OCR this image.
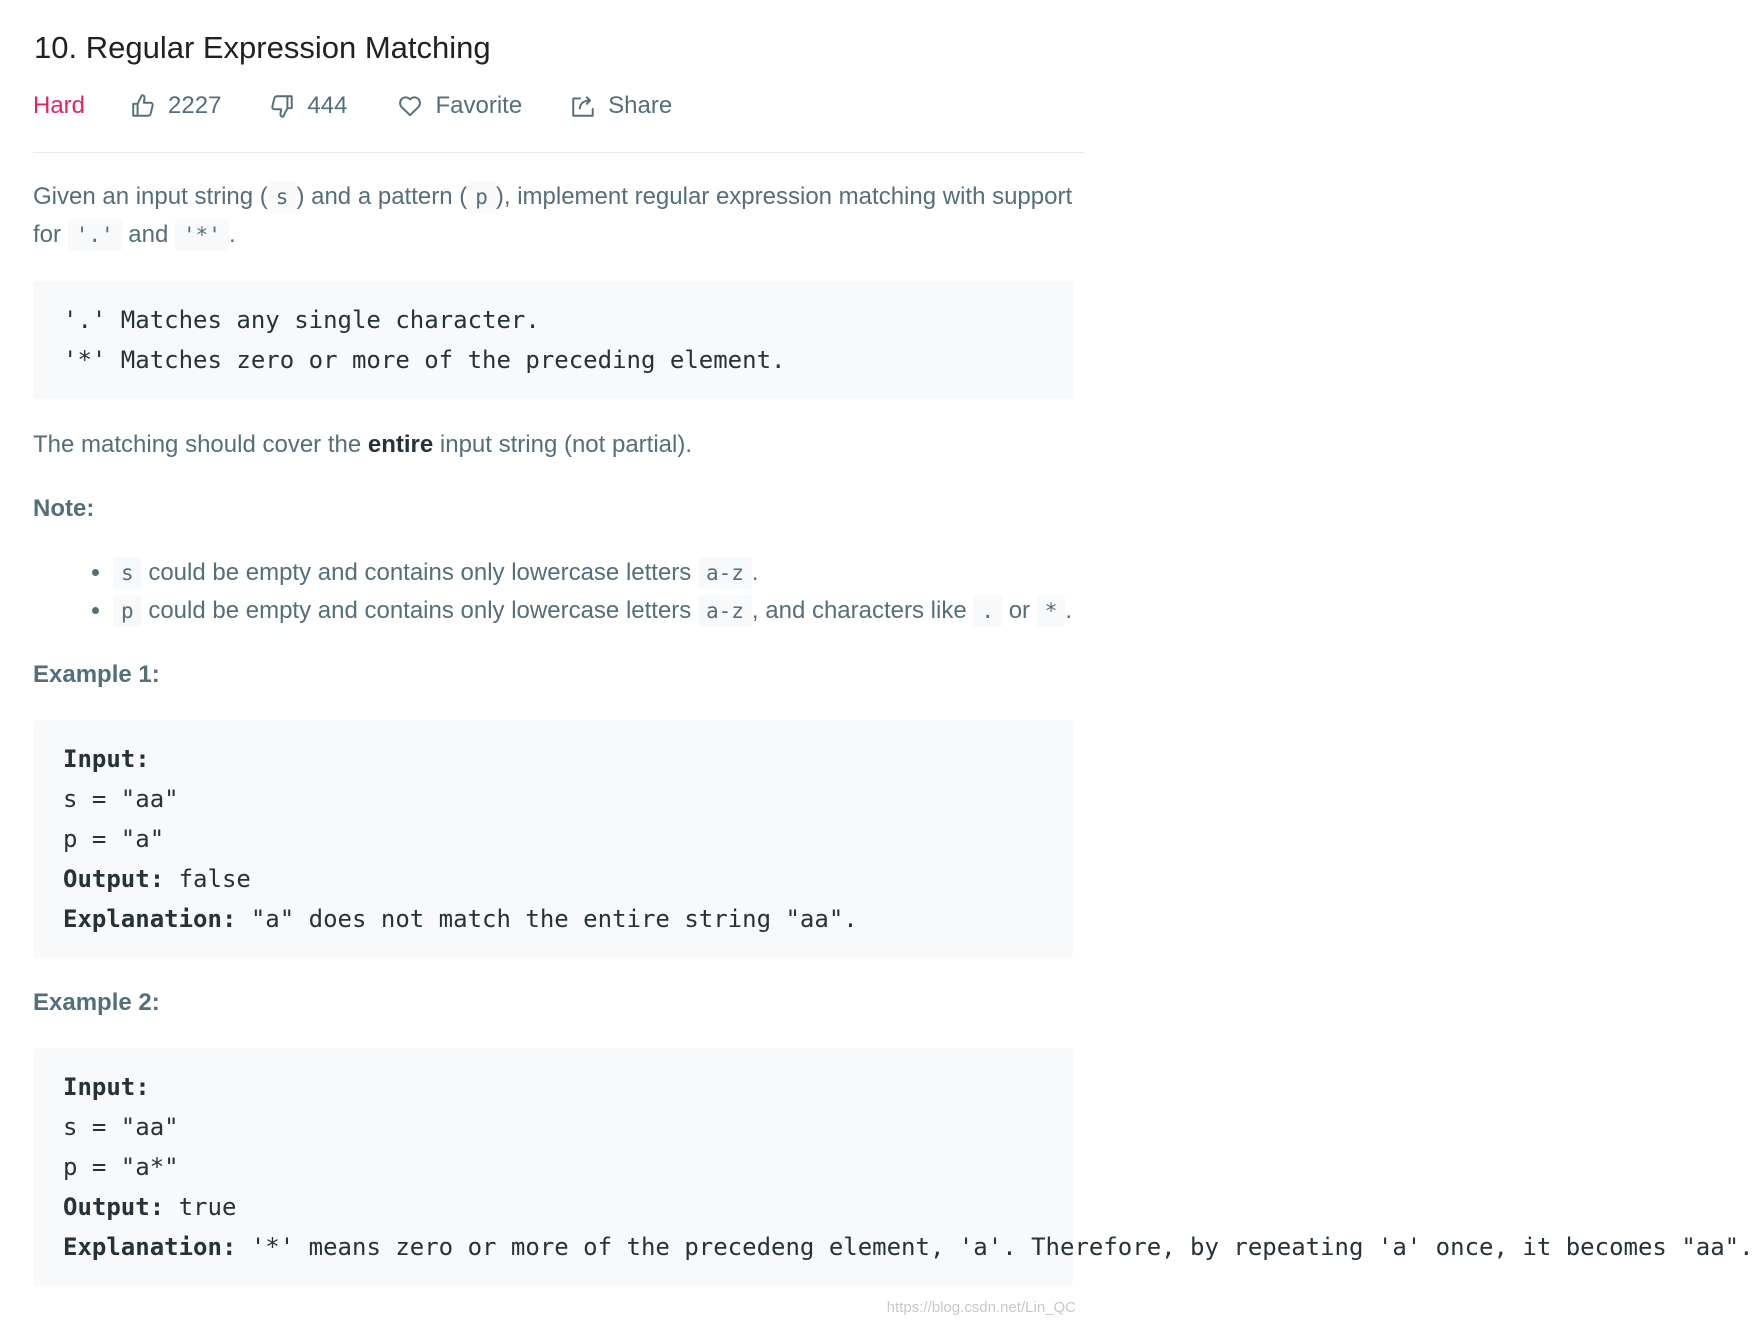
10. Regular Expression Matching
Hard	2227	444	Favorite	Share

Given an input string ( s ) and a pattern ( p ), implement regular expression matching with support for '.' and '*' .

'.' Matches any single character.
'*' Matches zero or more of the preceding element.

The matching should cover the entire input string (not partial).

Note:

• s could be empty and contains only lowercase letters a-z .
• p could be empty and contains only lowercase letters a-z , and characters like . or * .

Example 1:

Input:
s = "aa"
p = "a"
Output: false
Explanation: "a" does not match the entire string "aa".

Example 2:

Input:
s = "aa"
p = "a*"
Output: true
Explanation: '*' means zero or more of the precedeng element, 'a'. Therefore, by repeating 'a' once, it becomes "aa".
https://blog.csdn.net/Lin_QC
